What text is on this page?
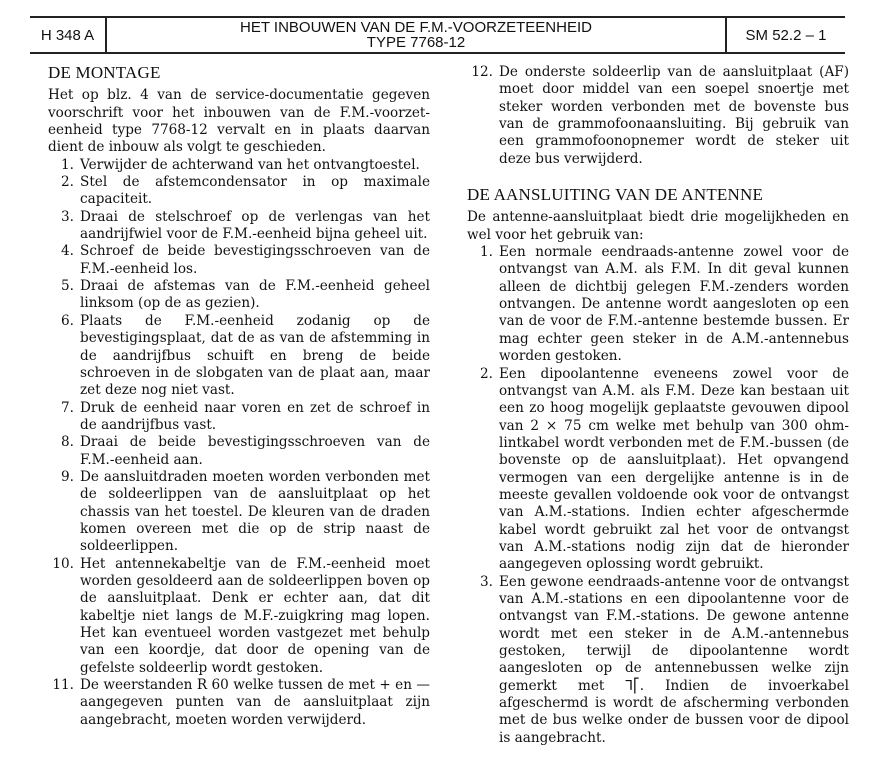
H 348 A	HET INBOUWEN VAN DE F.M.-VOORZETEENHEID
TYPE 7768-12	SM 52.2 – 1
DE MONTAGE

Het op blz. 4 van de service-documentatie gegeven voorschrift voor het inbouwen van de F.M.-voorzet-eenheid type 7768-12 vervalt en in plaats daarvan dient de inbouw als volgt te geschieden.

1. Verwijder de achterwand van het ontvangtoestel.
2. Stel de afstemcondensator in op maximale capaciteit.
3. Draai de stelschroef op de verlengas van het aandrijfwiel voor de F.M.-eenheid bijna geheel uit.
4. Schroef de beide bevestigingsschroeven van de F.M.-eenheid los.
5. Draai de afstemas van de F.M.-eenheid geheel linksom (op de as gezien).
6. Plaats de F.M.-eenheid zodanig op de bevestigingsplaat, dat de as van de afstemming in de aandrijfbus schuift en breng de beide schroeven in de slobgaten van de plaat aan, maar zet deze nog niet vast.
7. Druk de eenheid naar voren en zet de schroef in de aandrijfbus vast.
8. Draai de beide bevestigingsschroeven van de F.M.-eenheid aan.
9. De aansluitdraden moeten worden verbonden met de soldeerlippen van de aansluitplaat op het chassis van het toestel. De kleuren van de draden komen overeen met die op de strip naast de soldeerlippen.
10. Het antennekabeltje van de F.M.-eenheid moet worden gesoldeerd aan de soldeerlippen boven op de aansluitplaat. Denk er echter aan, dat dit kabeltje niet langs de M.F.-zuigkring mag lopen. Het kan eventueel worden vastgezet met behulp van een koordje, dat door de opening van de gefelste soldeerlip wordt gestoken.
11. De weerstanden R 60 welke tussen de met + en — aangegeven punten van de aansluitplaat zijn aangebracht, moeten worden verwijderd.
12. De onderste soldeerlip van de aansluitplaat (AF) moet door middel van een soepel snoertje met steker worden verbonden met de bovenste bus van de grammofoonaansluiting. Bij gebruik van een grammofoonopnemer wordt de steker uit deze bus verwijderd.
DE AANSLUITING VAN DE ANTENNE

De antenne-aansluitplaat biedt drie mogelijkheden en wel voor het gebruik van:

1. Een normale eendraads-antenne zowel voor de ontvangst van A.M. als F.M. In dit geval kunnen alleen de dichtbij gelegen F.M.-zenders worden ontvangen. De antenne wordt aangesloten op een van de voor de F.M.-antenne bestemde bussen. Er mag echter geen steker in de A.M.-antennebus worden gestoken.
2. Een dipoolantenne eveneens zowel voor de ontvangst van A.M. als F.M. Deze kan bestaan uit een zo hoog mogelijk geplaatste gevouwen dipool van 2 × 75 cm welke met behulp van 300 ohm-lintkabel wordt verbonden met de F.M.-bussen (de bovenste op de aansluitplaat). Het opvangend vermogen van een dergelijke antenne is in de meeste gevallen voldoende ook voor de ontvangst van A.M.-stations. Indien echter afgeschermde kabel wordt gebruikt zal het voor de ontvangst van A.M.-stations nodig zijn dat de hieronder aangegeven oplossing wordt gebruikt.
3. Een gewone eendraads-antenne voor de ontvangst van A.M.-stations en een dipoolantenne voor de ontvangst van F.M.-stations. De gewone antenne wordt met een steker in de A.M.-antennebus gestoken, terwijl de dipoolantenne wordt aangesloten op de antennebussen welke zijn gemerkt met ⅂⎡. Indien de invoerkabel afgeschermd is wordt de afscherming verbonden met de bus welke onder de bussen voor de dipool is aangebracht.
